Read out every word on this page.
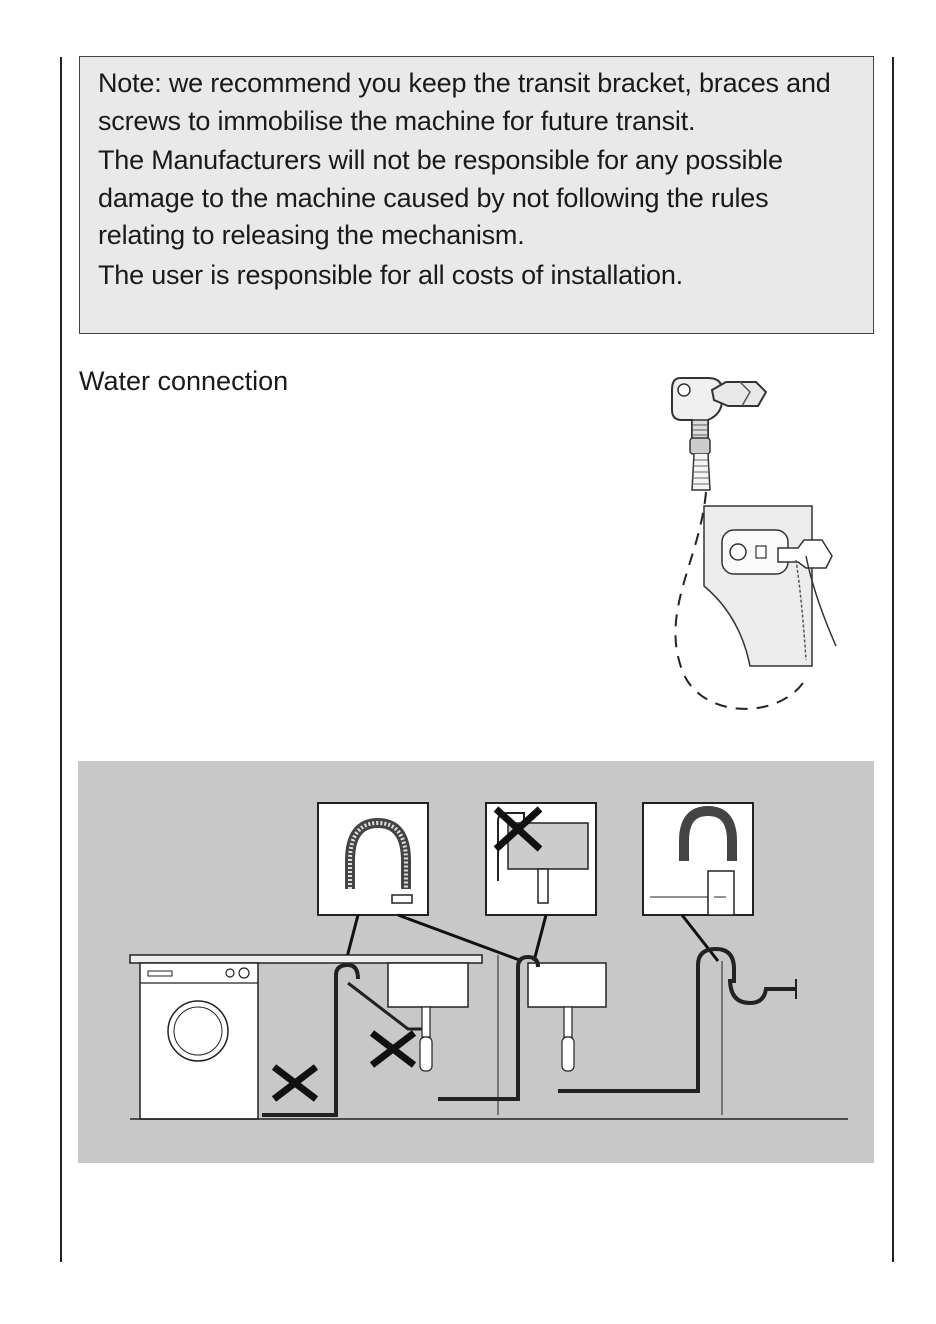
Note: we recommend you keep the transit bracket, braces and screws to immobilise the machine for future transit.

The Manufacturers will not be responsible for any possible damage to the machine caused by not following the rules relating to releasing the mechanism.

The user is responsible for all costs of installation.

Water connection
